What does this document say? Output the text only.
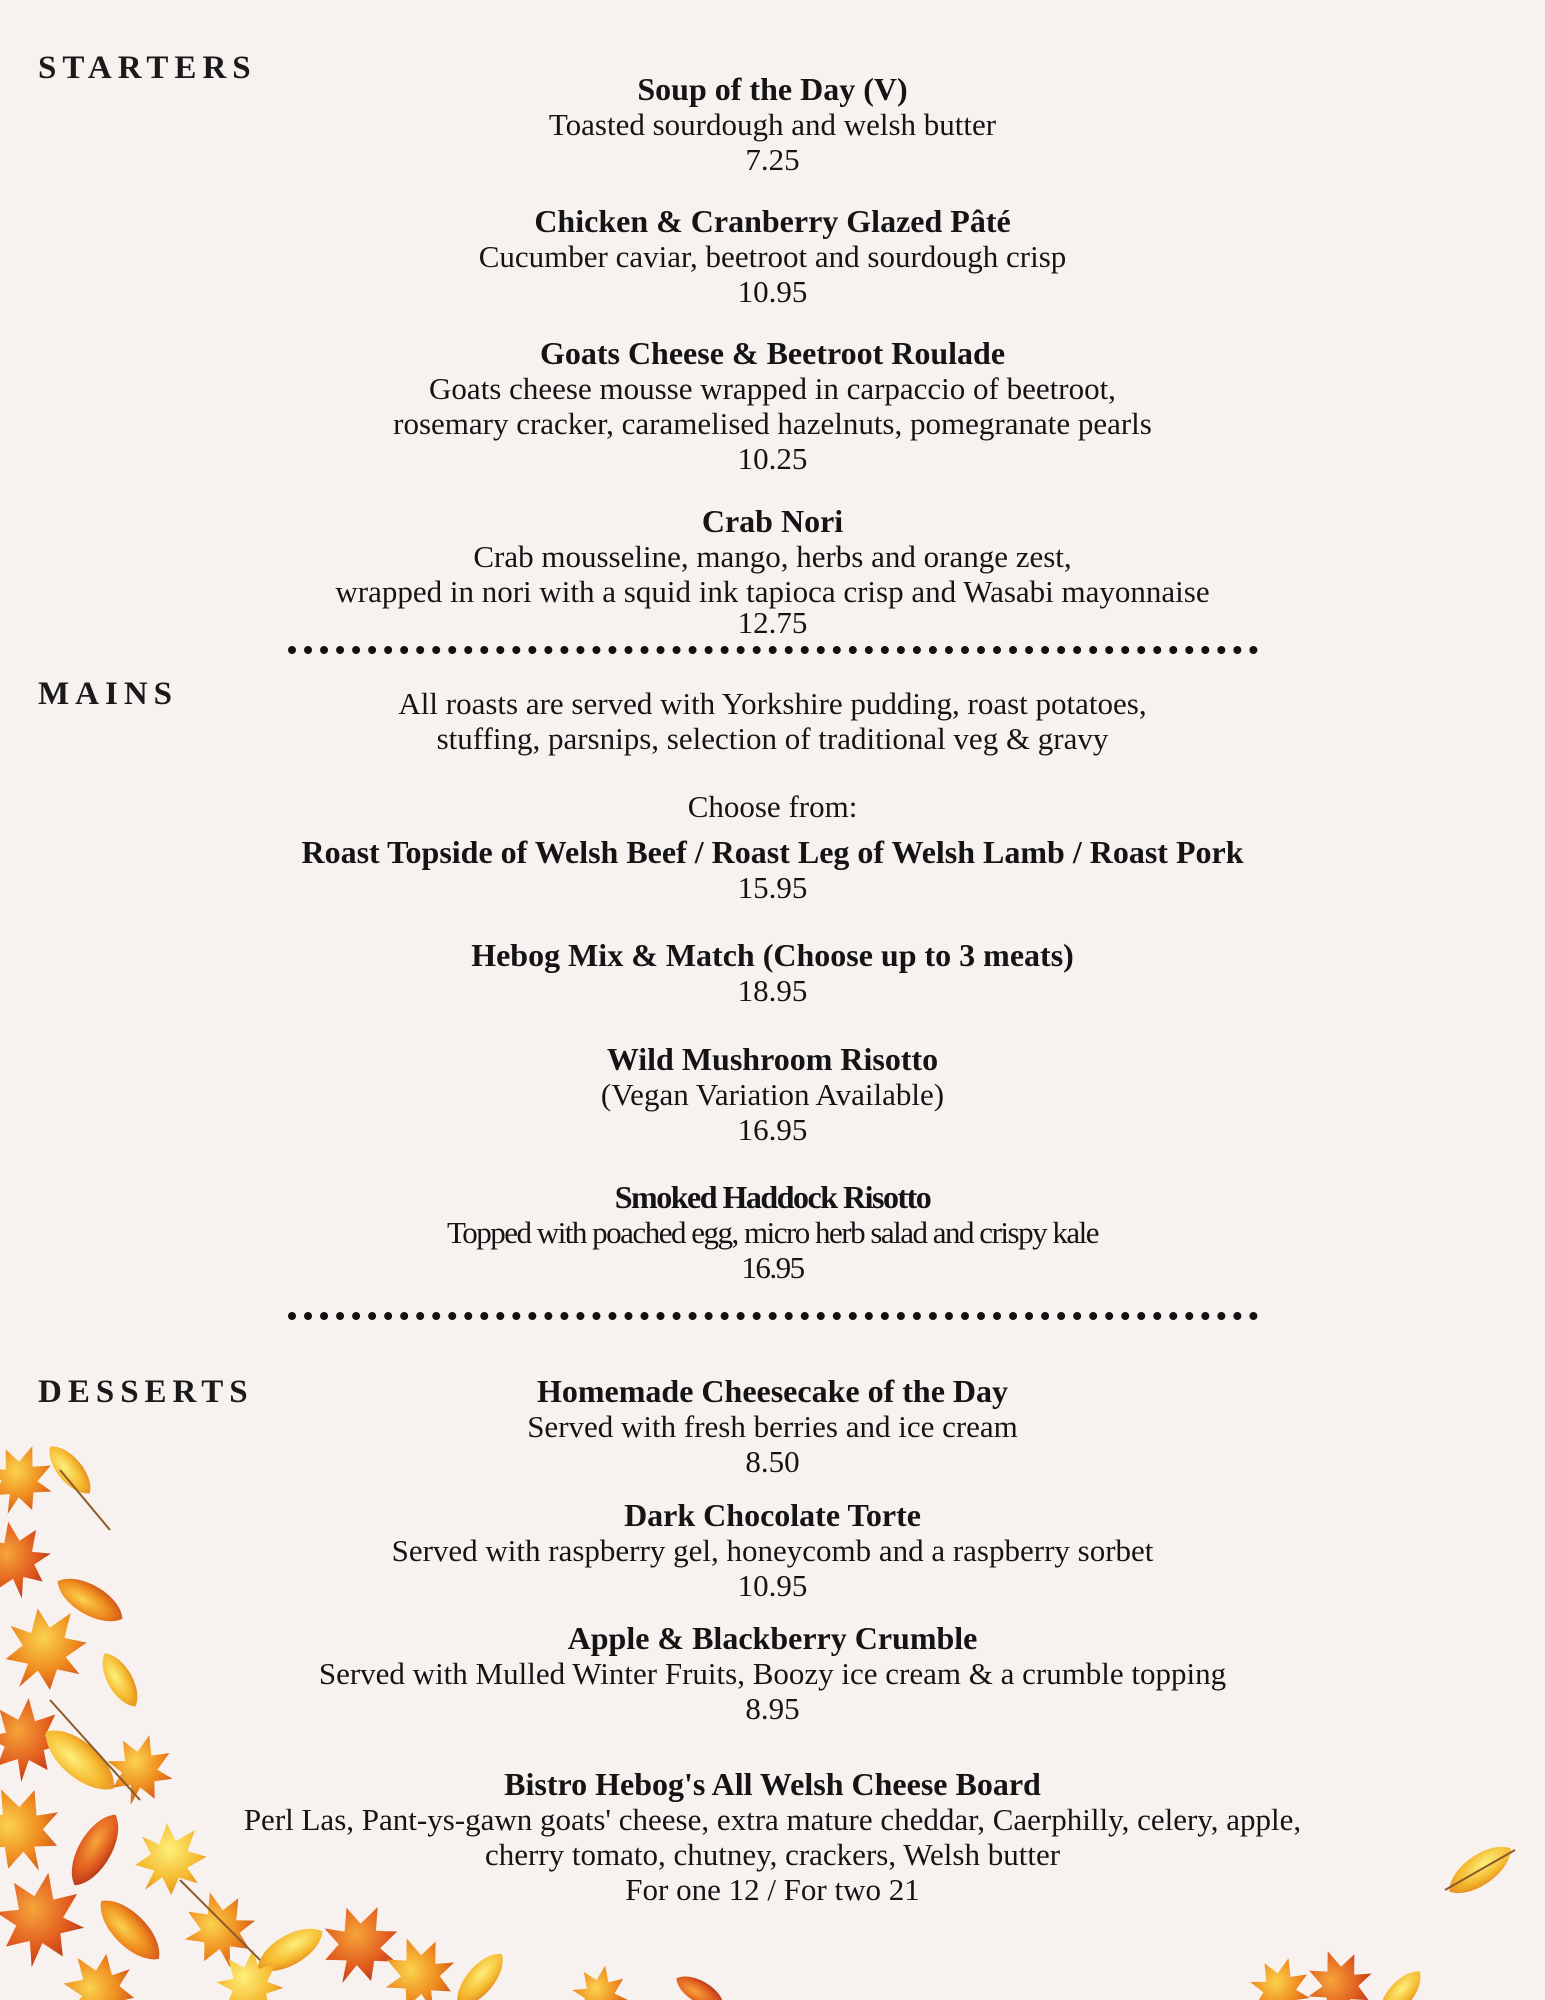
STARTERS
MAINS
DESSERTS
Soup of the Day (V)
Toasted sourdough and welsh butter
7.25
Chicken & Cranberry Glazed Pâté
Cucumber caviar, beetroot and sourdough crisp
10.95
Goats Cheese & Beetroot Roulade
Goats cheese mousse wrapped in carpaccio of beetroot,
rosemary cracker, caramelised hazelnuts, pomegranate pearls
10.25
Crab Nori
Crab mousseline, mango, herbs and orange zest,
wrapped in nori with a squid ink tapioca crisp and Wasabi mayonnaise
12.75
All roasts are served with Yorkshire pudding, roast potatoes,
stuffing, parsnips, selection of traditional veg & gravy
Choose from:
Roast Topside of Welsh Beef / Roast Leg of Welsh Lamb / Roast Pork
15.95
Hebog Mix & Match (Choose up to 3 meats)
18.95
Wild Mushroom Risotto
(Vegan Variation Available)
16.95
Smoked Haddock Risotto
Topped with poached egg, micro herb salad and crispy kale
16.95
Homemade Cheesecake of the Day
Served with fresh berries and ice cream
8.50
Dark Chocolate Torte
Served with raspberry gel, honeycomb and a raspberry sorbet
10.95
Apple & Blackberry Crumble
Served with Mulled Winter Fruits, Boozy ice cream & a crumble topping
8.95
Bistro Hebog's All Welsh Cheese Board
Perl Las, Pant-ys-gawn goats' cheese, extra mature cheddar, Caerphilly, celery, apple,
cherry tomato, chutney, crackers, Welsh butter
For one 12 / For two 21
